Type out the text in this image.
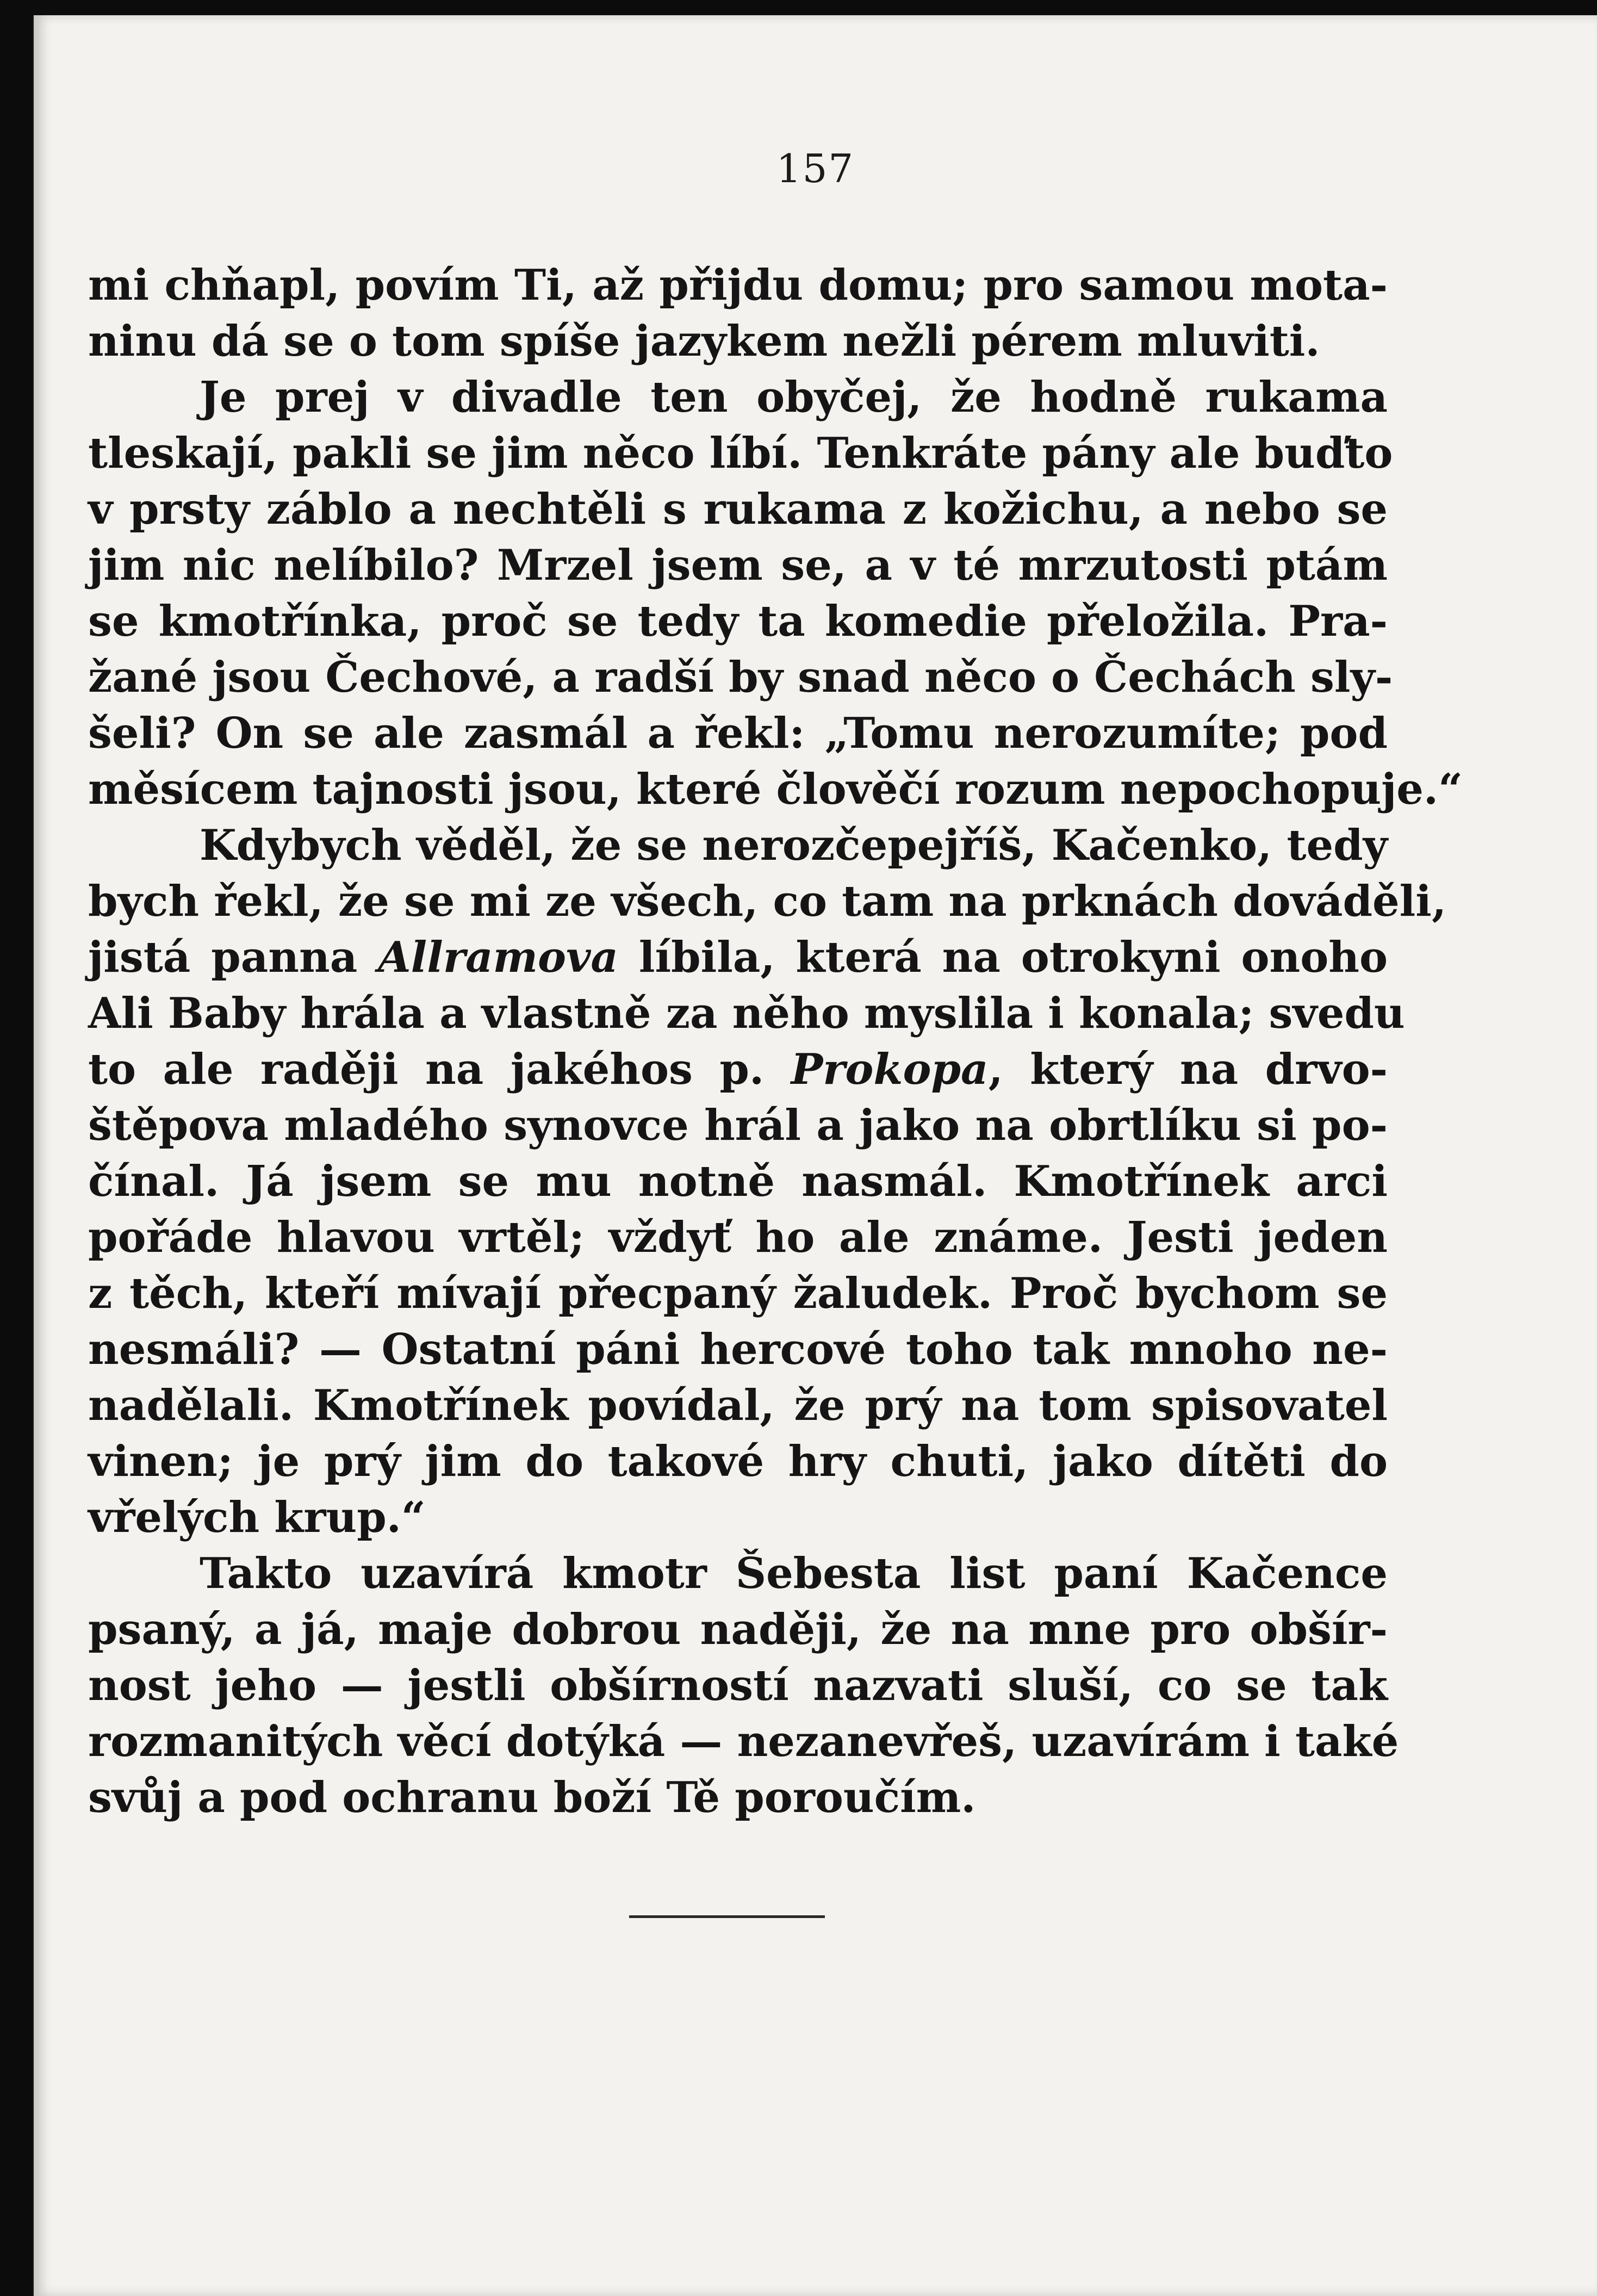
157
mi chňapl, povím Ti, až přijdu domu; pro samou mota-
ninu dá se o tom spíše jazykem nežli pérem mluviti.
Je prej v divadle ten obyčej, že hodně rukama
tleskají, pakli se jim něco líbí. Tenkráte pány ale buďto
v prsty záblo a nechtěli s rukama z kožichu, a nebo se
jim nic nelíbilo? Mrzel jsem se, a v té mrzutosti ptám
se kmotřínka, proč se tedy ta komedie přeložila. Pra-
žané jsou Čechové, a radší by snad něco o Čechách sly-
šeli? On se ale zasmál a řekl: „Tomu nerozumíte; pod
měsícem tajnosti jsou, které člověčí rozum nepochopuje.“
Kdybych věděl, že se nerozčepejříš, Kačenko, tedy
bych řekl, že se mi ze všech, co tam na prknách dováděli,
jistá panna Allramova líbila, která na otrokyni onoho
Ali Baby hrála a vlastně za něho myslila i konala; svedu
to ale raději na jakéhos p. Prokopa, který na drvo-
štěpova mladého synovce hrál a jako na obrtlíku si po-
čínal. Já jsem se mu notně nasmál. Kmotřínek arci
pořáde hlavou vrtěl; vždyť ho ale známe. Jesti jeden
z těch, kteří mívají přecpaný žaludek. Proč bychom se
nesmáli? — Ostatní páni hercové toho tak mnoho ne-
nadělali. Kmotřínek povídal, že prý na tom spisovatel
vinen; je prý jim do takové hry chuti, jako dítěti do
vřelých krup.“
Takto uzavírá kmotr Šebesta list paní Kačence
psaný, a já, maje dobrou naději, že na mne pro obšír-
nost jeho — jestli obšírností nazvati sluší, co se tak
rozmanitých věcí dotýká — nezanevřeš, uzavírám i také
svůj a pod ochranu boží Tě poroučím.
